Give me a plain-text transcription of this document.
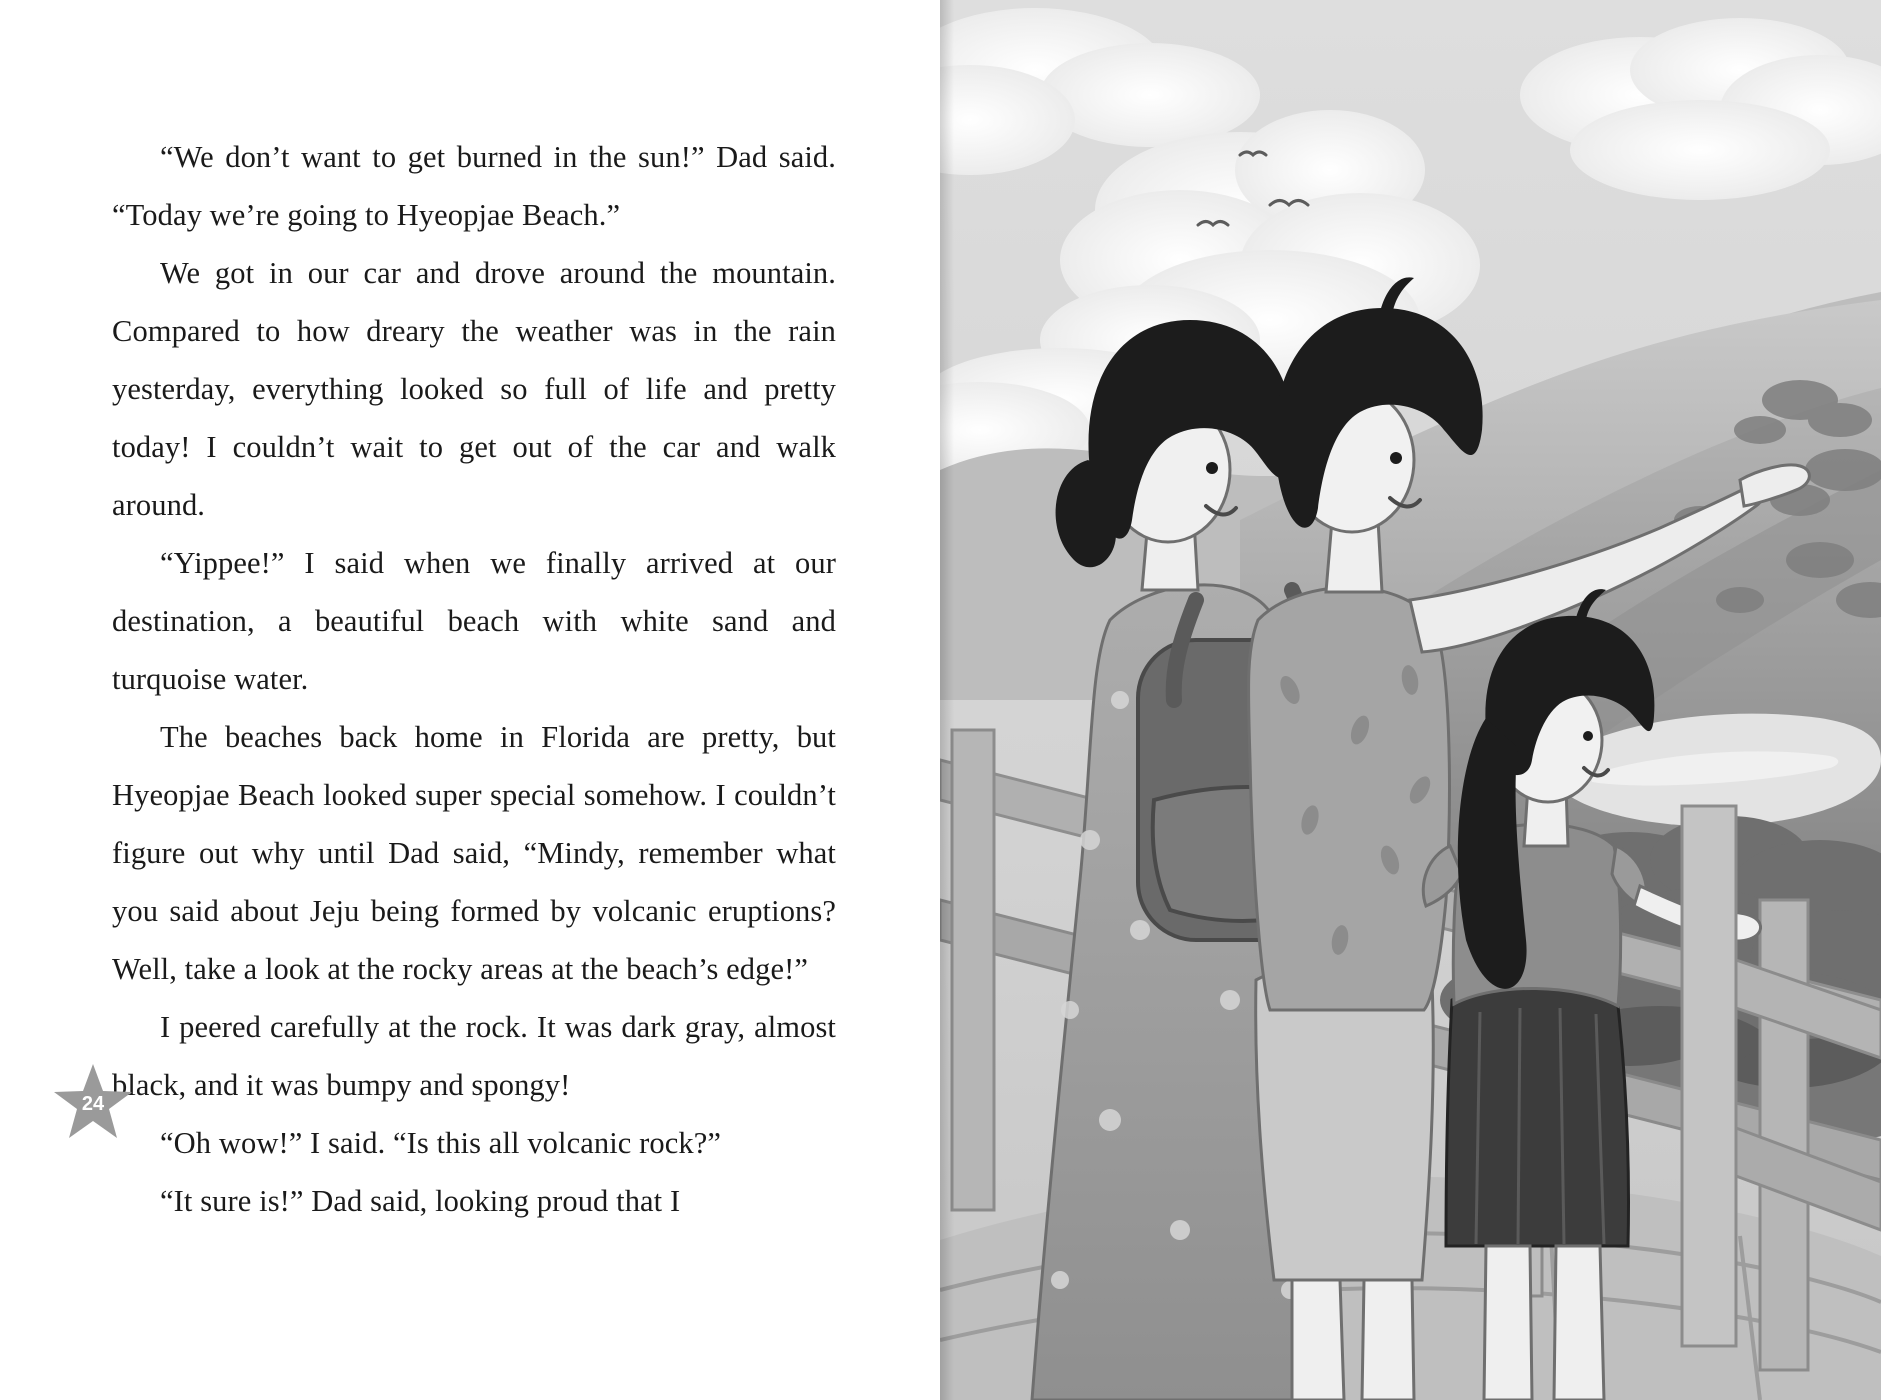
“We don’t want to get burned in the sun!” Dad said. “Today we’re going to Hyeopjae Beach.”

We got in our car and drove around the mountain. Compared to how dreary the weather was in the rain yesterday, everything looked so full of life and pretty today! I couldn’t wait to get out of the car and walk around.

“Yippee!” I said when we finally arrived at our destination, a beautiful beach with white sand and turquoise water.

The beaches back home in Florida are pretty, but Hyeopjae Beach looked super special somehow. I couldn’t figure out why until Dad said, “Mindy, remember what you said about Jeju being formed by volcanic eruptions? Well, take a look at the rocky areas at the beach’s edge!”

I peered carefully at the rock. It was dark gray, almost black, and it was bumpy and spongy!

“Oh wow!” I said. “Is this all volcanic rock?”

“It sure is!” Dad said, looking proud that I

24
